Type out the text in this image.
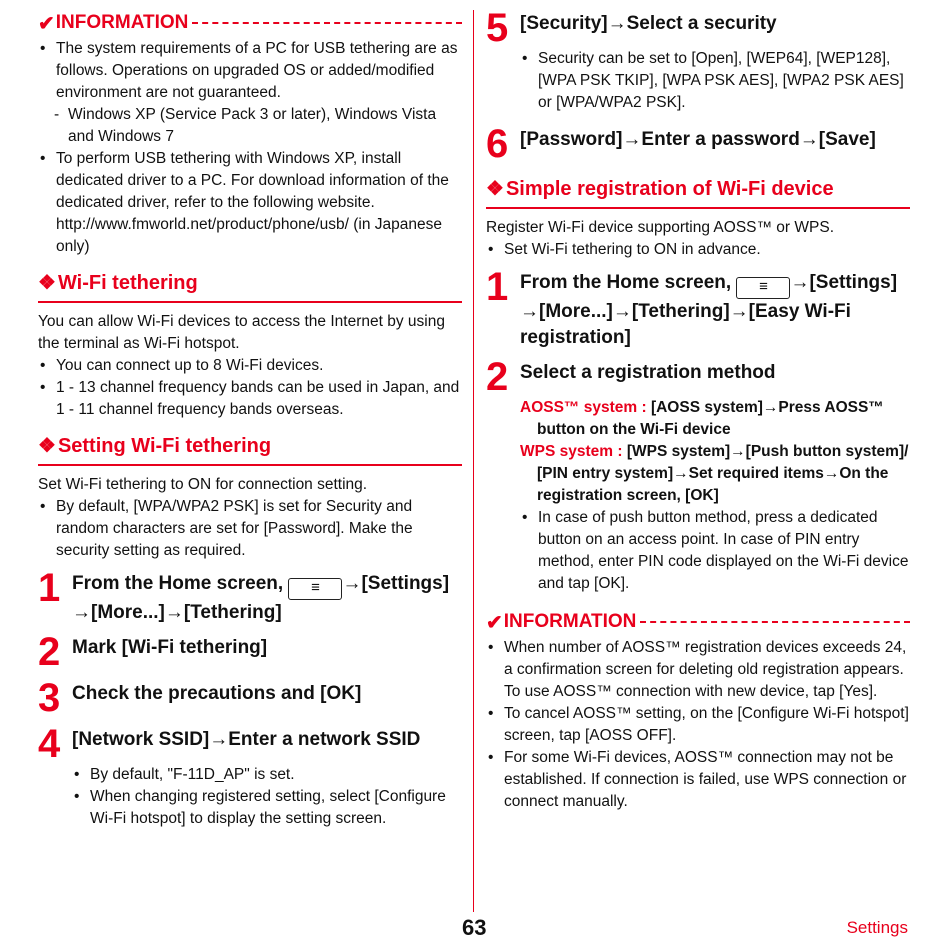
✔ INFORMATION
• The system requirements of a PC for USB tethering are as follows. Operations on upgraded OS or added/modified environment are not guaranteed.
- Windows XP (Service Pack 3 or later), Windows Vista and Windows 7
• To perform USB tethering with Windows XP, install dedicated driver to a PC. For download information of the dedicated driver, refer to the following website. http://www.fmworld.net/product/phone/usb/ (in Japanese only)
❖ Wi-Fi tethering
You can allow Wi-Fi devices to access the Internet by using the terminal as Wi-Fi hotspot.
• You can connect up to 8 Wi-Fi devices.
• 1 - 13 channel frequency bands can be used in Japan, and 1 - 11 channel frequency bands overseas.
❖ Setting Wi-Fi tethering
Set Wi-Fi tethering to ON for connection setting.
• By default, [WPA/WPA2 PSK] is set for Security and random characters are set for [Password]. Make the security setting as required.
1 From the Home screen, ≡ →[Settings] →[More...]→[Tethering]
2 Mark [Wi-Fi tethering]
3 Check the precautions and [OK]
4 [Network SSID]→Enter a network SSID
• By default, "F-11D_AP" is set.
• When changing registered setting, select [Configure Wi-Fi hotspot] to display the setting screen.
5 [Security]→Select a security
• Security can be set to [Open], [WEP64], [WEP128], [WPA PSK TKIP], [WPA PSK AES], [WPA2 PSK AES] or [WPA/WPA2 PSK].
6 [Password]→Enter a password→[Save]
❖ Simple registration of Wi-Fi device
Register Wi-Fi device supporting AOSS™ or WPS.
• Set Wi-Fi tethering to ON in advance.
1 From the Home screen, ≡ →[Settings] →[More...]→[Tethering]→[Easy Wi-Fi registration]
2 Select a registration method
AOSS™ system : [AOSS system]→Press AOSS™ button on the Wi-Fi device
WPS system : [WPS system]→[Push button system]/ [PIN entry system]→Set required items→On the registration screen, [OK]
• In case of push button method, press a dedicated button on an access point. In case of PIN entry method, enter PIN code displayed on the Wi-Fi device and tap [OK].
✔ INFORMATION
• When number of AOSS™ registration devices exceeds 24, a confirmation screen for deleting old registration appears. To use AOSS™ connection with new device, tap [Yes].
• To cancel AOSS™ setting, on the [Configure Wi-Fi hotspot] screen, tap [AOSS OFF].
• For some Wi-Fi devices, AOSS™ connection may not be established. If connection is failed, use WPS connection or connect manually.
63	Settings
